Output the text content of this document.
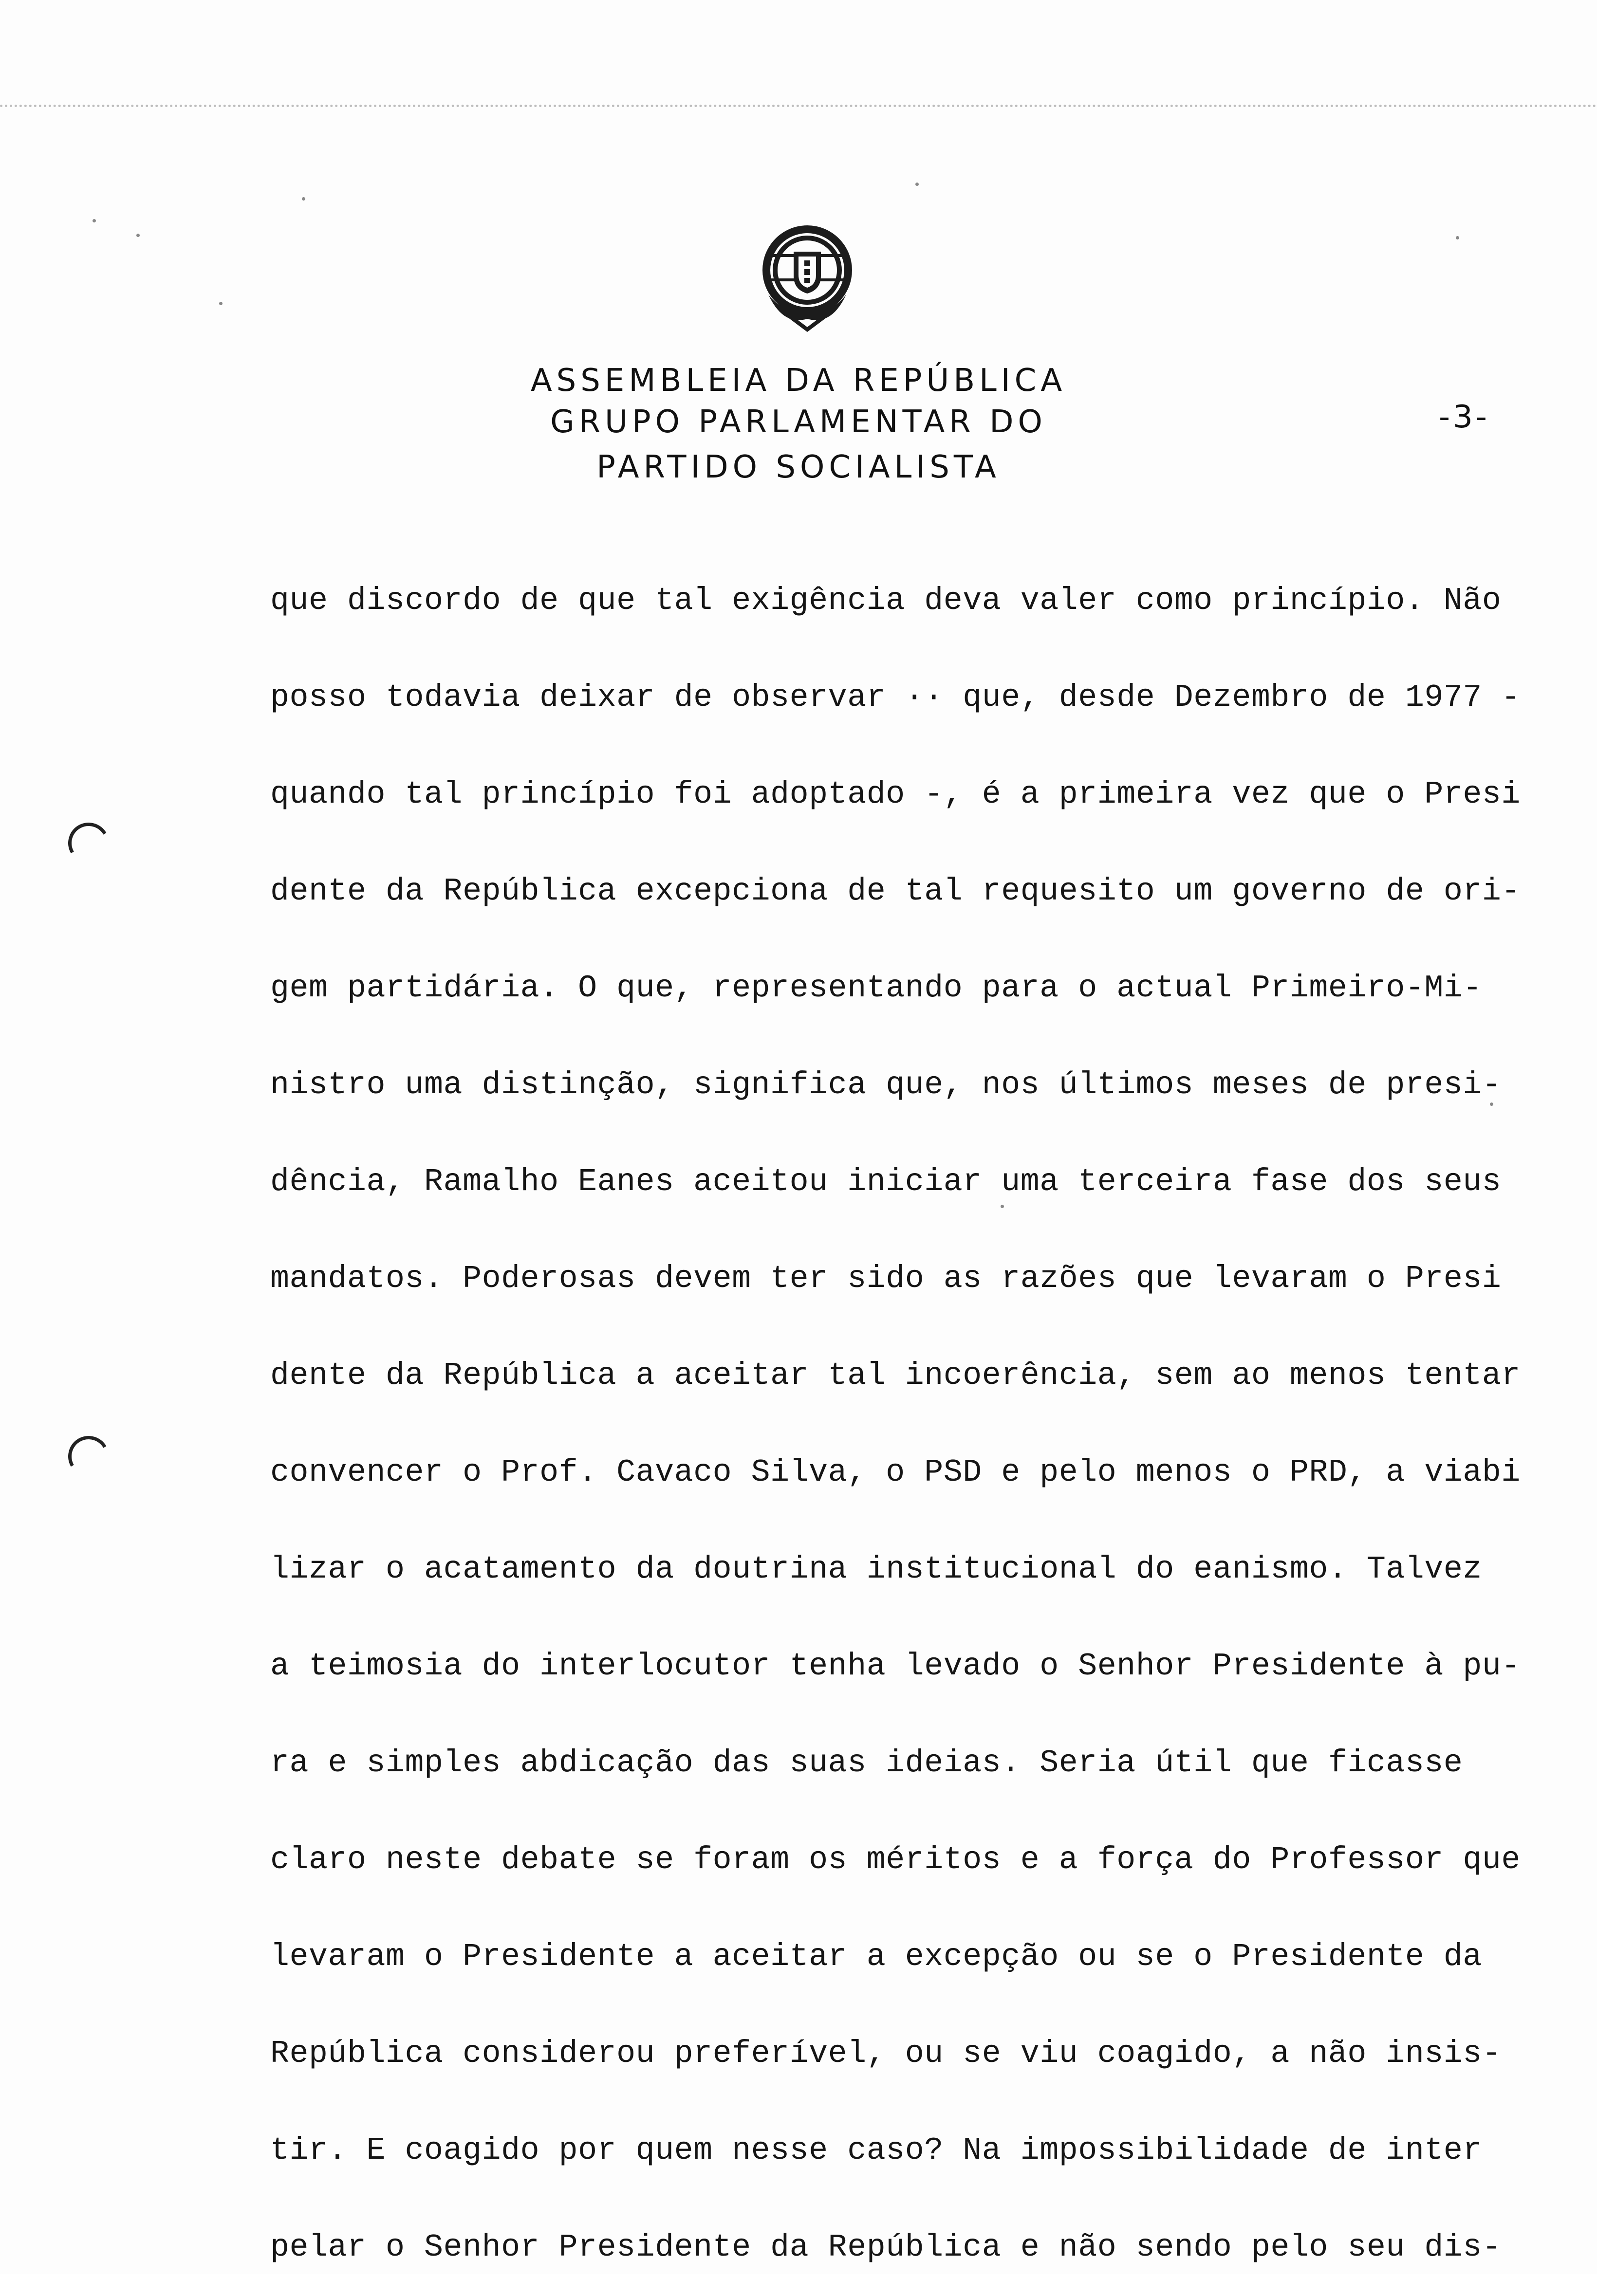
ASSEMBLEIA DA REPÚBLICA
GRUPO PARLAMENTAR DO
PARTIDO SOCIALISTA
-3-
que discordo de que tal exigência deva valer como princípio. Não
posso todavia deixar de observar ·· que, desde Dezembro de 1977 -
quando tal princípio foi adoptado -, é a primeira vez que o Presi
dente da República excepciona de tal requesito um governo de ori-
gem partidária. O que, representando para o actual Primeiro-Mi-
nistro uma distinção, significa que, nos últimos meses de presi-
dência, Ramalho Eanes aceitou iniciar uma terceira fase dos seus
mandatos. Poderosas devem ter sido as razões que levaram o Presi
dente da República a aceitar tal incoerência, sem ao menos tentar
convencer o Prof. Cavaco Silva, o PSD e pelo menos o PRD, a viabi
lizar o acatamento da doutrina institucional do eanismo. Talvez
a teimosia do interlocutor tenha levado o Senhor Presidente à pu-
ra e simples abdicação das suas ideias. Seria útil que ficasse
claro neste debate se foram os méritos e a força do Professor que
levaram o Presidente a aceitar a excepção ou se o Presidente da
República considerou preferível, ou se viu coagido, a não insis-
tir. E coagido por quem nesse caso? Na impossibilidade de inter
pelar o Senhor Presidente da República e não sendo pelo seu dis-
